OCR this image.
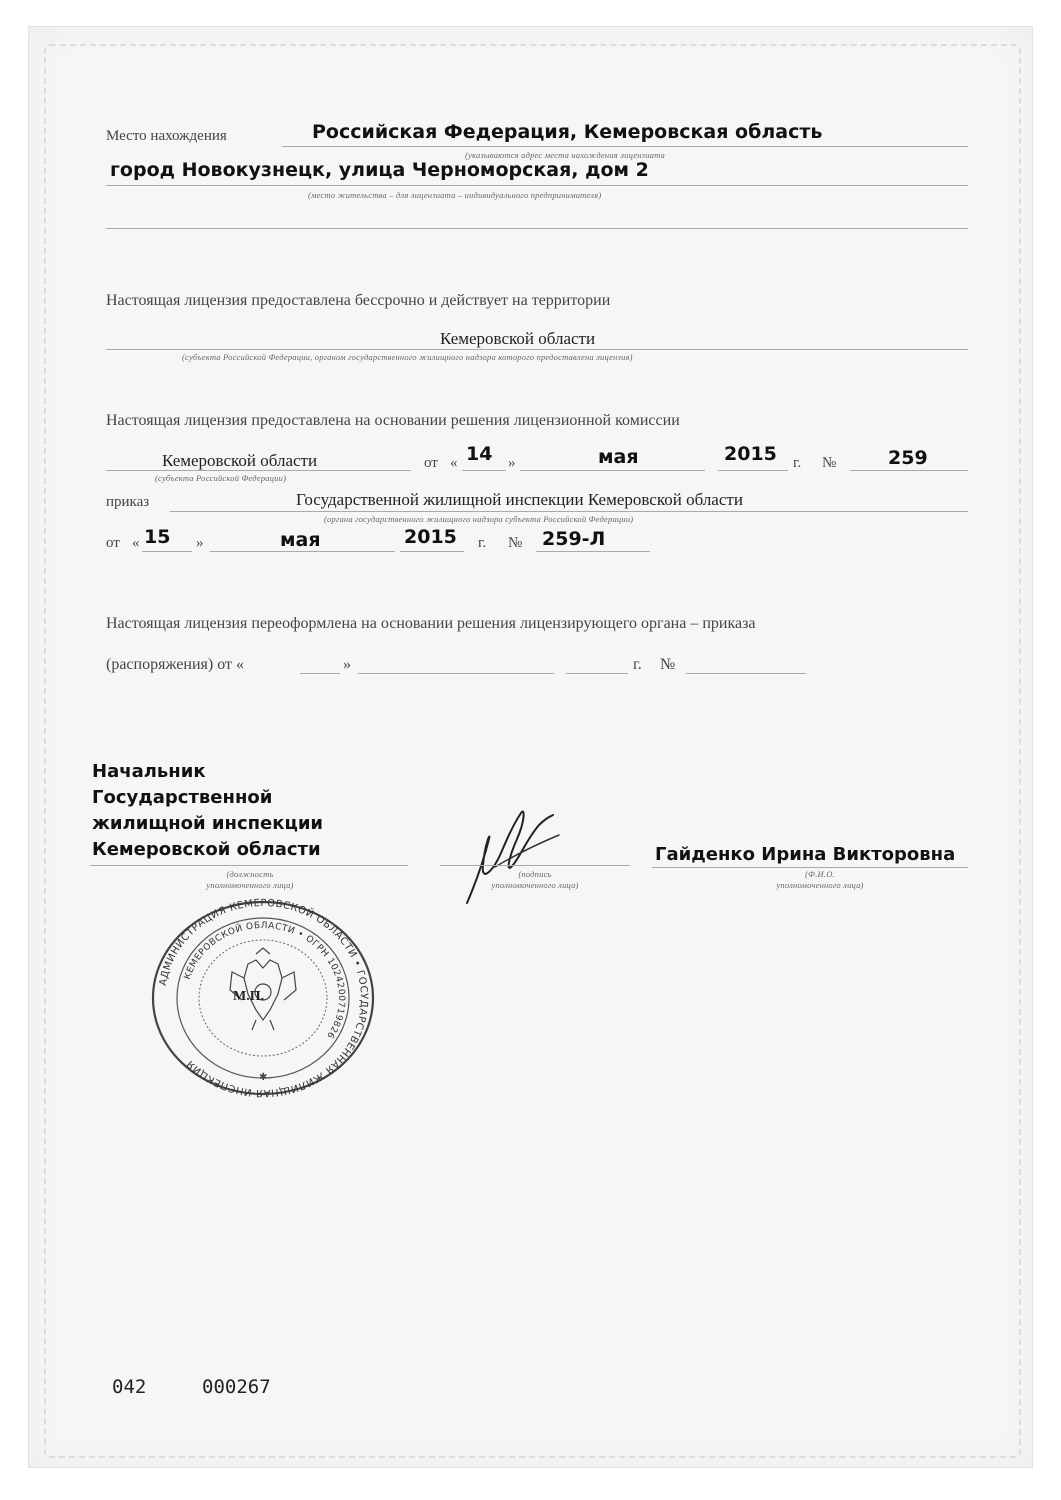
Место нахождения	Российская Федерация, Кемеровская область
(указываются адрес места нахождения лицензиата
город Новокузнецк, улица Черноморская, дом 2
(место жительства – для лицензиата – индивидуального предпринимателя)
Настоящая лицензия предоставлена бессрочно и действует на территории
Кемеровской области
(субъекта Российской Федерации, органом государственного жилищного надзора которого предоставлена лицензия)
Настоящая лицензия предоставлена на основании решения лицензионной комиссии
Кемеровской области
(субъекта Российской Федерации)
от « 14 »	мая	2015 г. №	259
приказ	Государственной жилищной инспекции Кемеровской области
(органа государственного жилищного надзора субъекта Российской Федерации)
от « 15 »	мая	2015 г. № 259-Л
Настоящая лицензия переоформлена на основании решения лицензирующего органа – приказа
(распоряжения) от «	»	г. №
Начальник
Государственной
жилищной инспекции
Кемеровской области
(должность
уполномоченного лица)
(подпись
уполномоченного лица)
Гайденко Ирина Викторовна
(Ф.И.О.
уполномоченного лица)
АДМИНИСТРАЦИЯ КЕМЕРОВСКОЙ ОБЛАСТИ • ГОСУДАРСТВЕННАЯ ЖИЛИЩНАЯ ИНСПЕКЦИЯ
КЕМЕРОВСКОЙ ОБЛАСТИ • ОГРН 1024200719826
М.П.
✱
042	000267
